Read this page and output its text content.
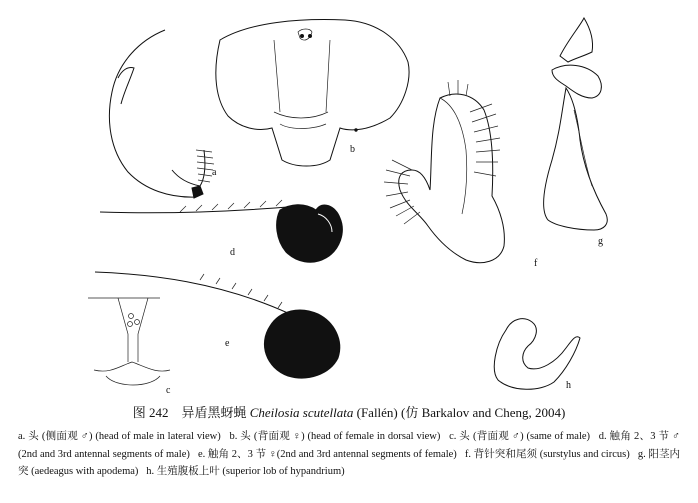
a
b
d
e
c
f
g
h
图 242 异盾黑蚜蝇 Cheilosia scutellata (Fallén) (仿 Barkalov and Cheng, 2004)
a. 头 (侧面观 ♂) (head of male in lateral view) b. 头 (背面观 ♀) (head of female in dorsal view) c. 头 (背面观 ♂) (same of male) d. 触角 2、3 节 ♂ (2nd and 3rd antennal segments of male) e. 触角 2、3 节 ♀(2nd and 3rd antennal segments of female) f. 背针突和尾须 (surstylus and circus) g. 阳茎内突 (aedeagus with apodema) h. 生殖腹板上叶 (superior lob of hypandrium)
